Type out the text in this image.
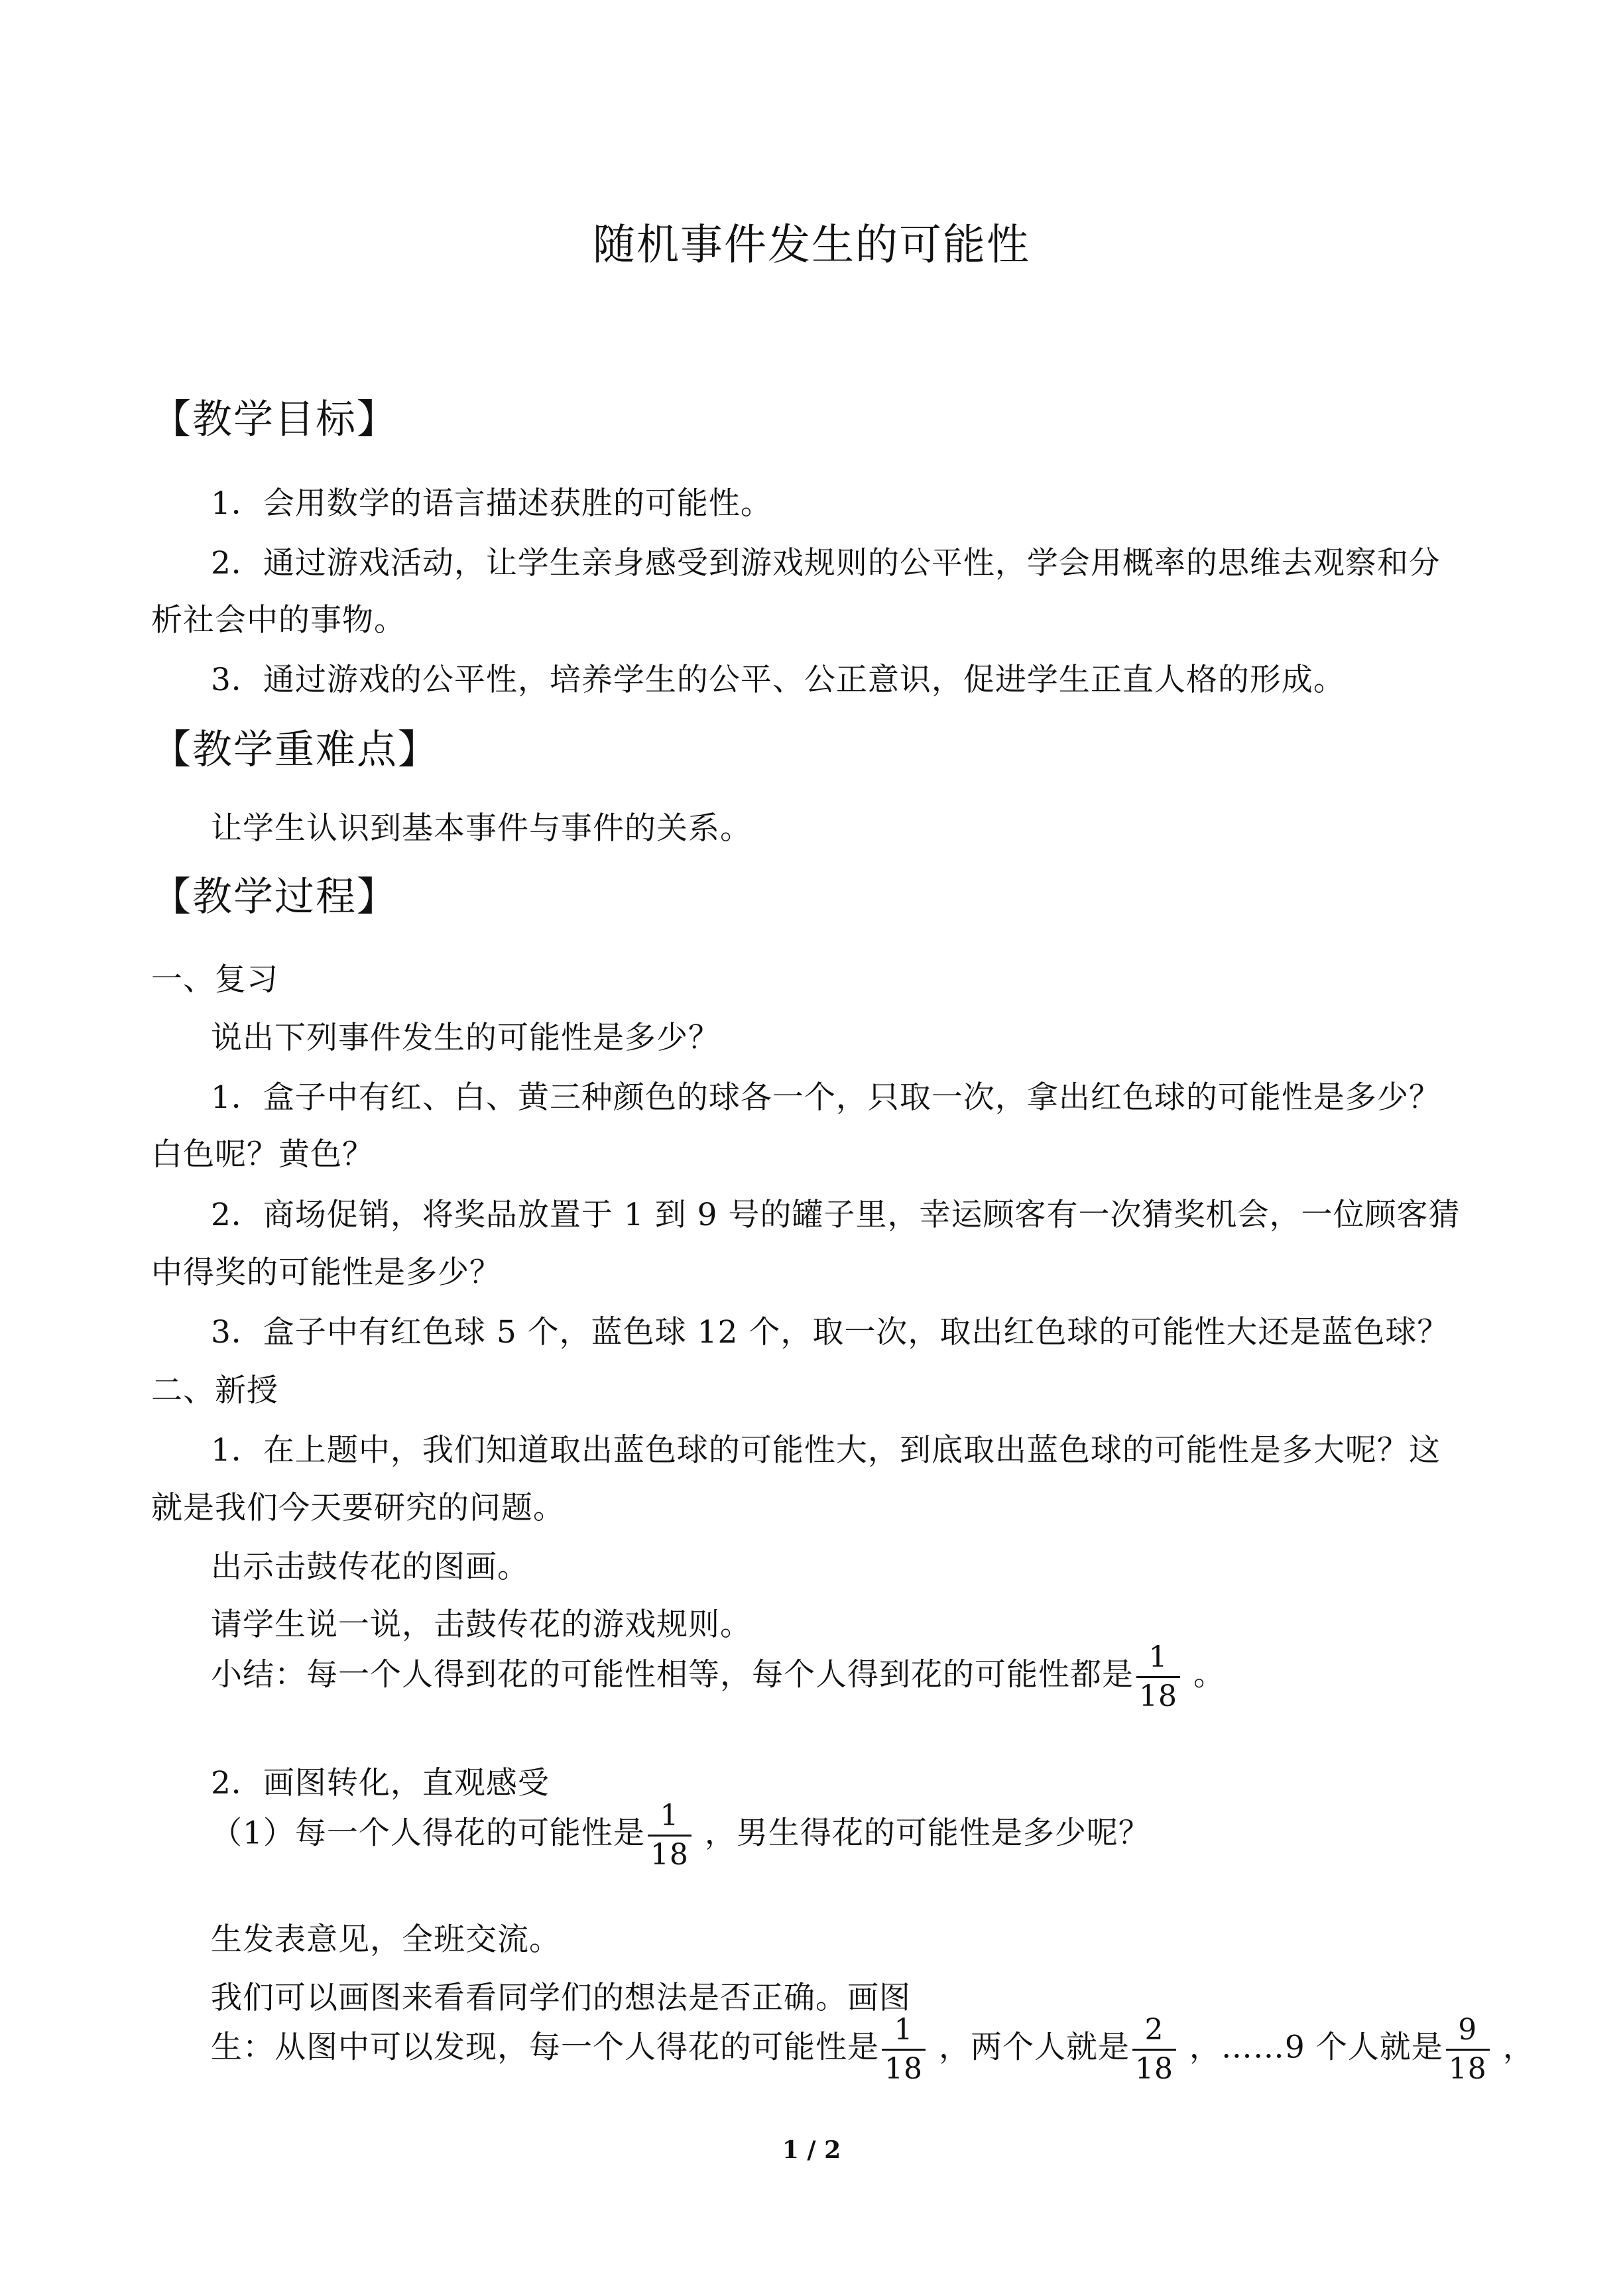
随机事件发生的可能性
【教学目标】
1．会用数学的语言描述获胜的可能性。
2．通过游戏活动，让学生亲身感受到游戏规则的公平性，学会用概率的思维去观察和分
析社会中的事物。
3．通过游戏的公平性，培养学生的公平、公正意识，促进学生正直人格的形成。
【教学重难点】
让学生认识到基本事件与事件的关系。
【教学过程】
一、复习
说出下列事件发生的可能性是多少？
1．盒子中有红、白、黄三种颜色的球各一个，只取一次，拿出红色球的可能性是多少？
白色呢？黄色？
2．商场促销，将奖品放置于 1 到 9 号的罐子里，幸运顾客有一次猜奖机会，一位顾客猜
中得奖的可能性是多少？
3．盒子中有红色球 5 个，蓝色球 12 个，取一次，取出红色球的可能性大还是蓝色球？
二、新授
1．在上题中，我们知道取出蓝色球的可能性大，到底取出蓝色球的可能性是多大呢？这
就是我们今天要研究的问题。
出示击鼓传花的图画。
请学生说一说，击鼓传花的游戏规则。
小结：每一个人得到花的可能性相等，每个人得到花的可能性都是 $\frac{1}{18}$ 。
2．画图转化，直观感受
（1）每一个人得花的可能性是 $\frac{1}{18}$ ，男生得花的可能性是多少呢？
生发表意见，全班交流。
我们可以画图来看看同学们的想法是否正确。画图
生：从图中可以发现，每一个人得花的可能性是 $\frac{1}{18}$ ，两个人就是 $\frac{2}{18}$ ，……9 个人就是 $\frac{9}{18}$ ，
1 / 2
